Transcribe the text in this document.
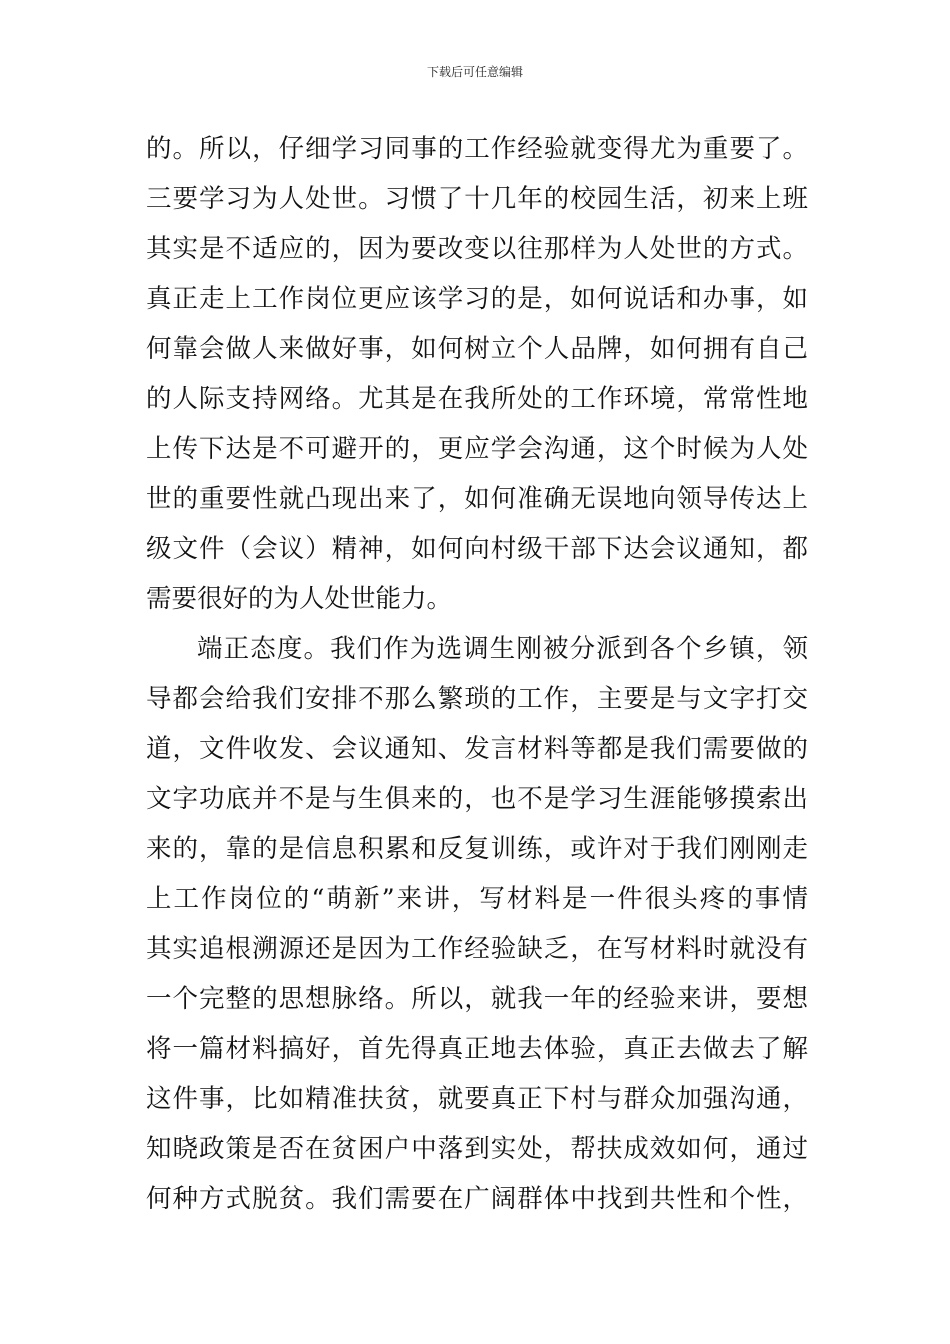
下载后可任意编辑
的。所以，仔细学习同事的工作经验就变得尤为重要了。
三要学习为人处世。习惯了十几年的校园生活，初来上班
其实是不适应的，因为要改变以往那样为人处世的方式。
真正走上工作岗位更应该学习的是，如何说话和办事，如
何靠会做人来做好事，如何树立个人品牌，如何拥有自己
的人际支持网络。尤其是在我所处的工作环境，常常性地
上传下达是不可避开的，更应学会沟通，这个时候为人处
世的重要性就凸现出来了，如何准确无误地向领导传达上
级文件（会议）精神，如何向村级干部下达会议通知，都
需要很好的为人处世能力。
端正态度。我们作为选调生刚被分派到各个乡镇，领
导都会给我们安排不那么繁琐的工作，主要是与文字打交
道，文件收发、会议通知、发言材料等都是我们需要做的
文字功底并不是与生俱来的，也不是学习生涯能够摸索出
来的，靠的是信息积累和反复训练，或许对于我们刚刚走
上工作岗位的“萌新”来讲，写材料是一件很头疼的事情
其实追根溯源还是因为工作经验缺乏，在写材料时就没有
一个完整的思想脉络。所以，就我一年的经验来讲，要想
将一篇材料搞好，首先得真正地去体验，真正去做去了解
这件事，比如精准扶贫，就要真正下村与群众加强沟通，
知晓政策是否在贫困户中落到实处，帮扶成效如何，通过
何种方式脱贫。我们需要在广阔群体中找到共性和个性，
